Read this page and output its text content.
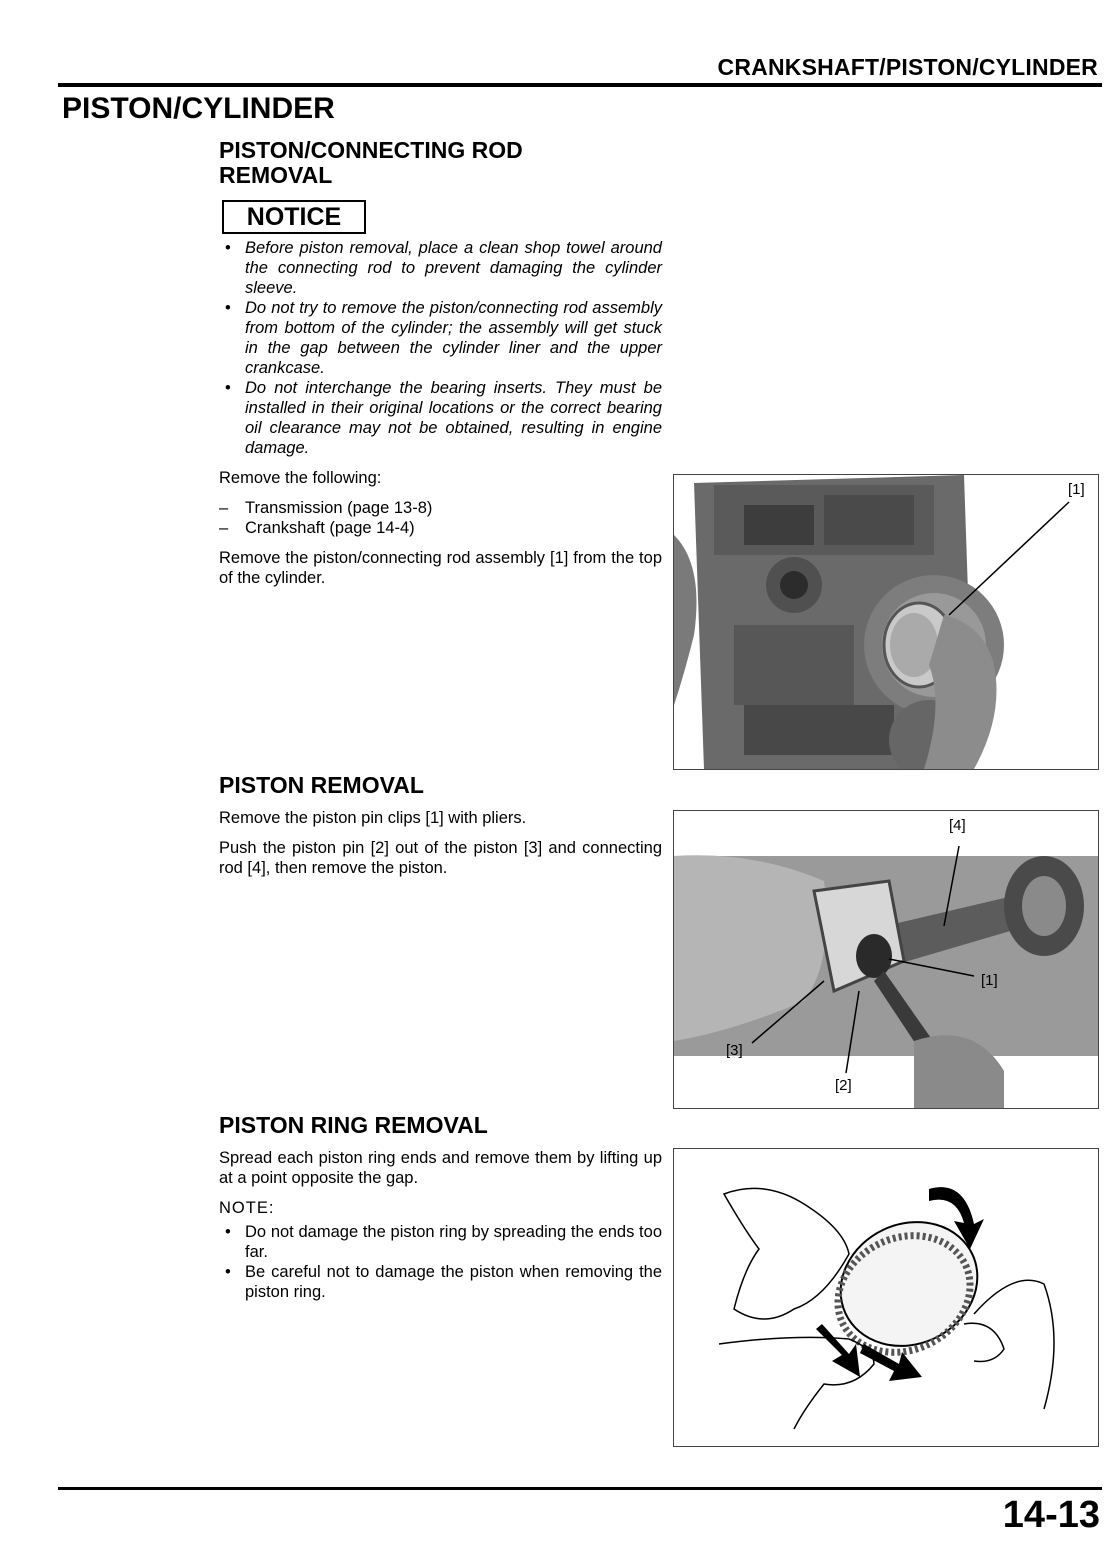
CRANKSHAFT/PISTON/CYLINDER
PISTON/CYLINDER
PISTON/CONNECTING ROD
REMOVAL
NOTICE
• Before piston removal, place a clean shop towel around the connecting rod to prevent damaging the cylinder sleeve.
• Do not try to remove the piston/connecting rod assembly from bottom of the cylinder; the assembly will get stuck in the gap between the cylinder liner and the upper crankcase.
• Do not interchange the bearing inserts. They must be installed in their original locations or the correct bearing oil clearance may not be obtained, resulting in engine damage.
Remove the following:
– Transmission (page 13-8)
– Crankshaft (page 14-4)
Remove the piston/connecting rod assembly [1] from the top of the cylinder.
[1]
PISTON REMOVAL
Remove the piston pin clips [1] with pliers.
Push the piston pin [2] out of the piston [3] and connecting rod [4], then remove the piston.
[4]
[1]
[3]
[2]
PISTON RING REMOVAL
Spread each piston ring ends and remove them by lifting up at a point opposite the gap.
NOTE:
• Do not damage the piston ring by spreading the ends too far.
• Be careful not to damage the piston when removing the piston ring.
14-13
